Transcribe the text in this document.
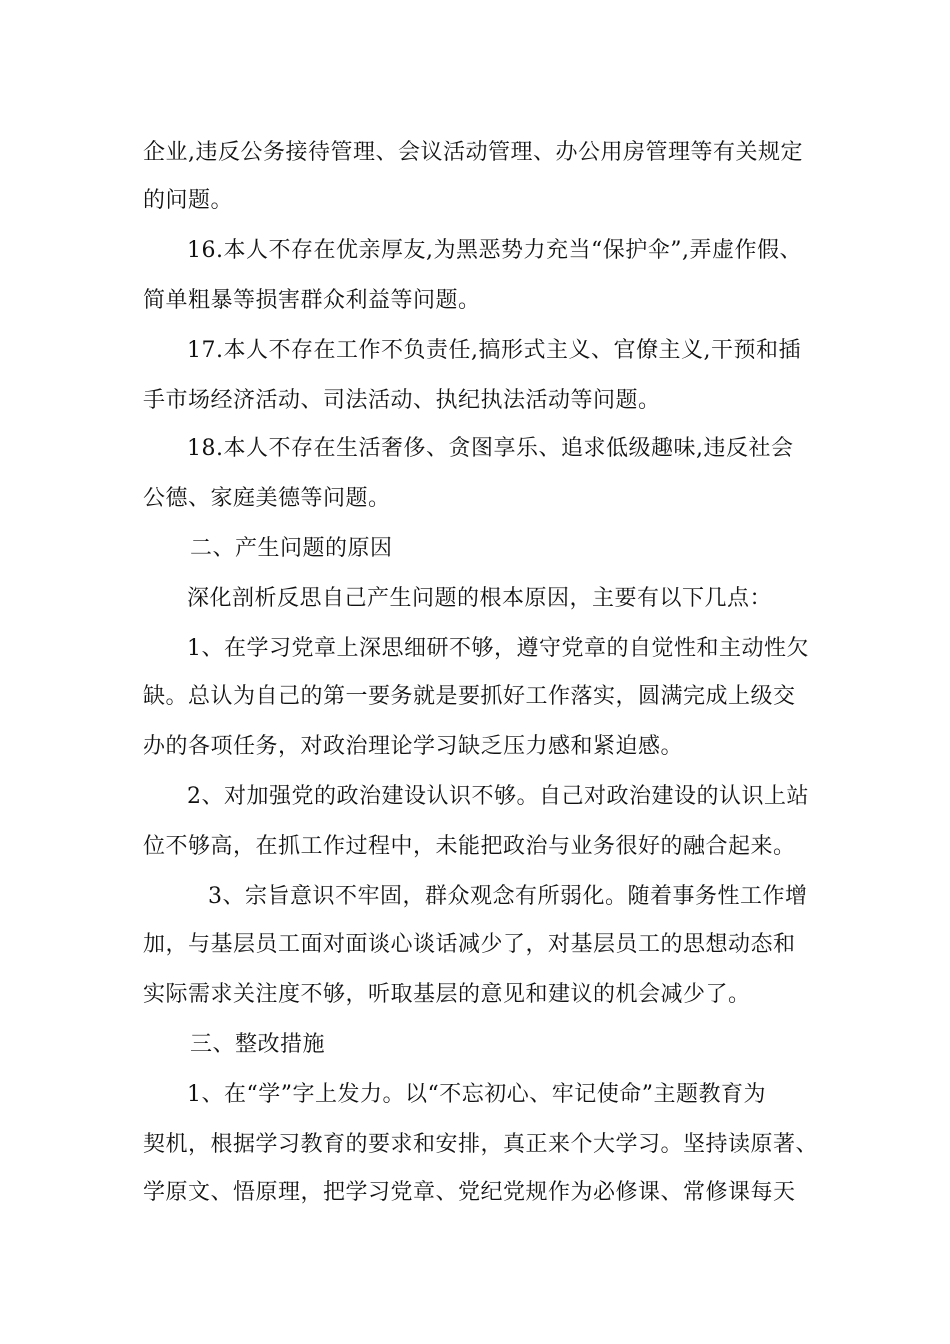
企业,违反公务接待管理、会议活动管理、办公用房管理等有关规定
的问题。
16.本人不存在优亲厚友,为黑恶势力充当“保护伞”,弄虚作假、
简单粗暴等损害群众利益等问题。
17.本人不存在工作不负责任,搞形式主义、官僚主义,干预和插
手市场经济活动、司法活动、执纪执法活动等问题。
18.本人不存在生活奢侈、贪图享乐、追求低级趣味,违反社会
公德、家庭美德等问题。
二、产生问题的原因
深化剖析反思自己产生问题的根本原因，主要有以下几点：
1、在学习党章上深思细研不够，遵守党章的自觉性和主动性欠
缺。总认为自己的第一要务就是要抓好工作落实，圆满完成上级交
办的各项任务，对政治理论学习缺乏压力感和紧迫感。
2、对加强党的政治建设认识不够。自己对政治建设的认识上站
位不够高，在抓工作过程中，未能把政治与业务很好的融合起来。
3、宗旨意识不牢固，群众观念有所弱化。随着事务性工作增
加，与基层员工面对面谈心谈话减少了，对基层员工的思想动态和
实际需求关注度不够，听取基层的意见和建议的机会减少了。
三、整改措施
1、在“学”字上发力。以“不忘初心、牢记使命”主题教育为
契机，根据学习教育的要求和安排，真正来个大学习。坚持读原著、
学原文、悟原理，把学习党章、党纪党规作为必修课、常修课每天
